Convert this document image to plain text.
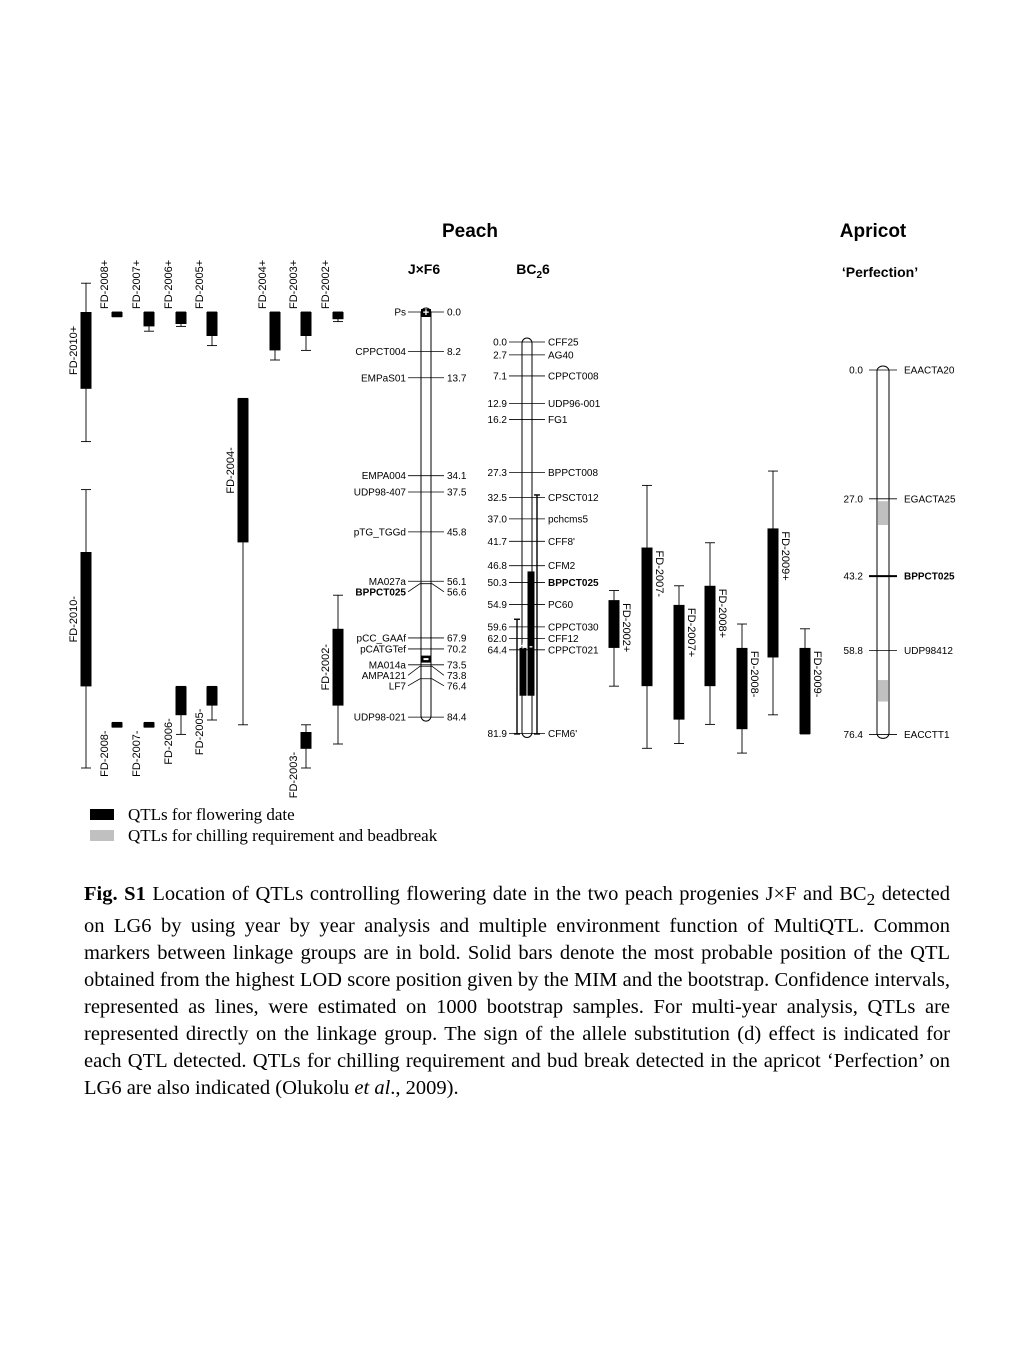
Peach	Apricot
J×F6	$BC_26$	‘Perfection’
Ps	0.0
CPPCT004	8.2
EMPaS01	13.7
EMPA004	34.1
UDP98-407	37.5
pTG_TGGd	45.8
MA027a	56.1
BPPCT025	56.6
pCC_GAAf	67.9
pCATGTef	70.2
MA014a	73.5
AMPA121	73.8
LF7	76.4
UDP98-021	84.4
+
0.0	CFF25
2.7	AG40
7.1	CPPCT008
12.9	UDP96-001
16.2	FG1
27.3	BPPCT008
32.5	CPSCT012
37.0	pchcms5
41.7	CFF8'
46.8	CFM2
50.3	BPPCT025
54.9	PC60
59.6	CPPCT030
62.0	CFF12
64.4	CPPCT021
81.9	CFM6'
+ -
0.0	EAACTA20
27.0	EGACTA25
43.2	BPPCT025
58.8	UDP98412
76.4	EACCTT1
FD-2010+
FD-2008+ FD-2007+ FD-2006+ FD-2005+
FD-2004-
FD-2004+ FD-2003+ FD-2002+
FD-2010-
FD-2008- FD-2007- FD-2006- FD-2005-
FD-2003-
FD-2002-
FD-2002+
FD-2007-
FD-2007+ FD-2008+
FD-2008-
FD-2009+
FD-2009-
QTLs for flowering date
QTLs for chilling requirement and beadbreak
Fig. S1 Location of QTLs controlling flowering date in the two peach progenies J×F and $BC_2$ detected on LG6 by using year by year analysis and multiple environment function of MultiQTL. Common markers between linkage groups are in bold. Solid bars denote the most probable position of the QTL obtained from the highest LOD score position given by the MIM and the bootstrap. Confidence intervals, represented as lines, were estimated on 1000 bootstrap samples. For multi-year analysis, QTLs are represented directly on the linkage group. The sign of the allele substitution (d) effect is indicated for each QTL detected. QTLs for chilling requirement and bud break detected in the apricot ‘Perfection’ on LG6 are also indicated (Olukolu et al., 2009).
